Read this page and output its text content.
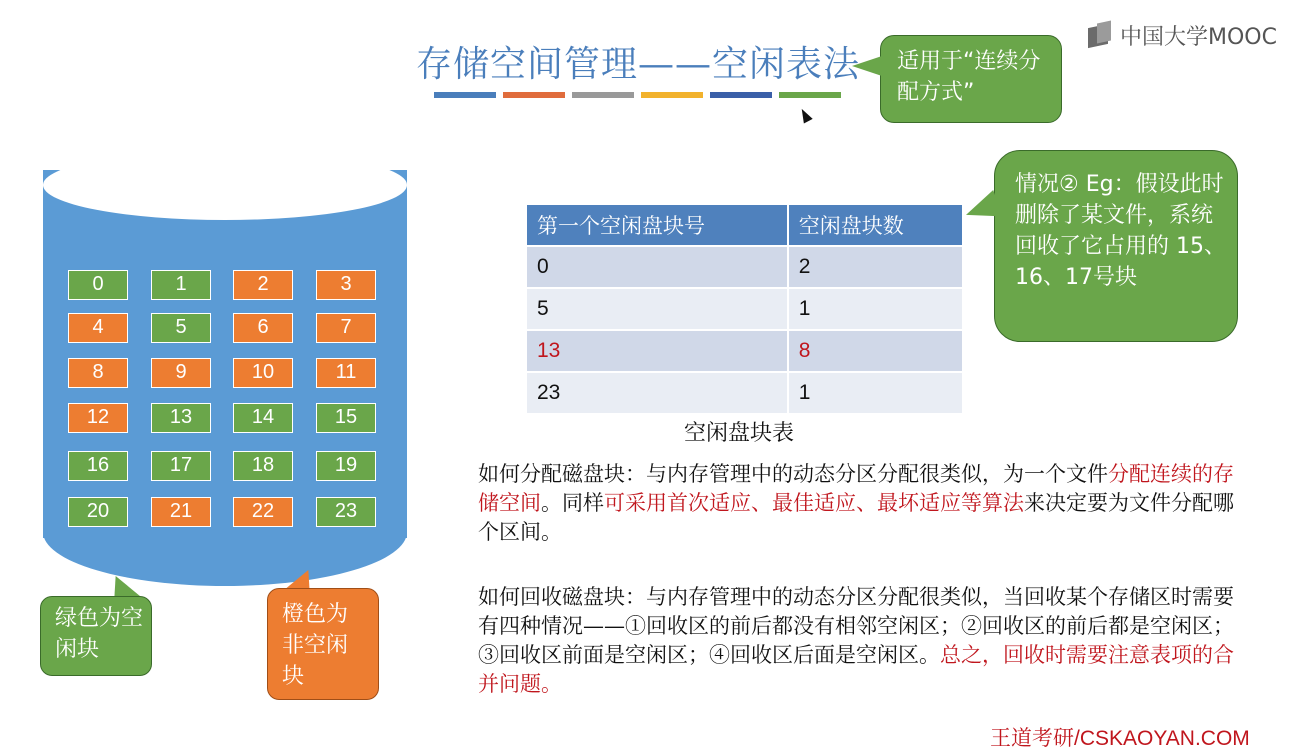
中国大学MOOC
存储空间管理——空闲表法	适用于“连续分配方式”
情况② Eg：假设此时删除了某文件，系统回收了它占用的 15、16、17号块
0	1	2	3
4	5	6	7
8	9	10	11
12	13	14	15
16	17	18	19
20	21	22	23
绿色为空闲块
橙色为非空闲块
第一个空闲盘块号	空闲盘块数
0	2
5	1
13	8
23	1
空闲盘块表
如何分配磁盘块：与内存管理中的动态分区分配很类似，为一个文件分配连续的存储空间。同样可采用首次适应、最佳适应、最坏适应等算法来决定要为文件分配哪个区间。
如何回收磁盘块：与内存管理中的动态分区分配很类似，当回收某个存储区时需要有四种情况——①回收区的前后都没有相邻空闲区；②回收区的前后都是空闲区；③回收区前面是空闲区；④回收区后面是空闲区。总之，回收时需要注意表项的合并问题。
王道考研/CSKAOYAN.COM
